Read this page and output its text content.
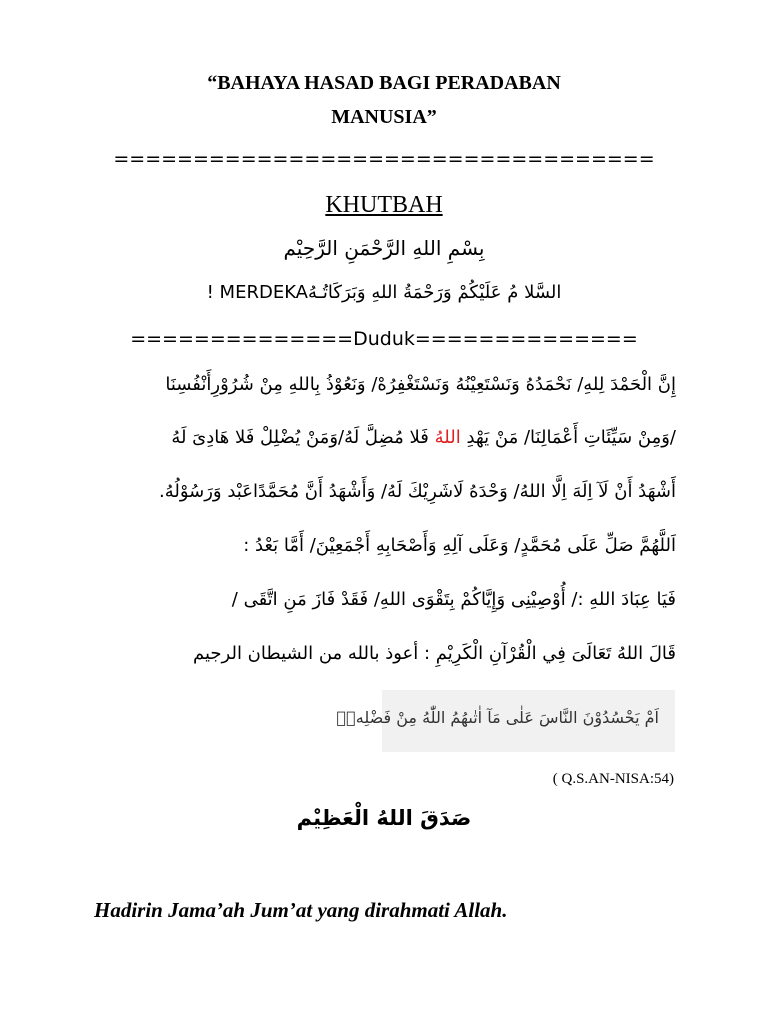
“BAHAYA HASAD BAGI PERADABAN
MANUSIA”
==================================
KHUTBAH
بِسْمِ اللهِ الرَّحْمَنِ الرَّحِيْم
السَّلا مُ عَلَيْكُمْ وَرَحْمَةُ اللهِ وَبَرَكَاتُـهُMERDEKA !
==============Duduk==============
إِنَّ الْحَمْدَ لِلهِ/ نَحْمَدُهُ وَنَسْتَعِيْنُهُ وَنَسْتَغْفِرُهْ/ وَنَعُوْذُ بِاللهِ مِنْ شُرُوْرِأَنْفُسِنَا
/وَمِنْ سَيِّئَاتِ أَعْمَالِنَا/ مَنْ يَهْدِ اللهُ فَلا مُضِلَّ لَهُ/وَمَنْ يُضْلِلْ فَلا هَادِىَ لَهُ
أَشْهَدُ أَنْ لَآ اِلَهَ اِلَّا اللهُ/ وَحْدَهُ لَاشَرِيْكَ لَهُ/ وَأَشْهَدُ أَنَّ مُحَمَّدًاعَبْد وَرَسُوْلُهُ.
اَللَّهُمَّ صَلِّ عَلَى مُحَمَّدٍ/ وَعَلَى آلِهِ وَأَصْحَابِهِ أَجْمَعِيْنَ/ أَمَّا بَعْدُ :
فَيَا عِبَادَ اللهِ :/ أُوْصِيْنِى وَإِيَّاكُمْ بِتَقْوَى اللهِ/ فَقَدْ فَازَ مَنِ اتَّقَى /
قَالَ اللهُ تَعَالَىَ فِي الْقُرْآنِ الْكَرِيْمِ : أعوذ بالله من الشيطان الرجيم
اَمْ يَحْسُدُوْنَ النَّاسَ عَلٰى مَآ اٰتٰىهُمُ اللّٰهُ مِنْ فَضْلِهٖۚ
( Q.S.AN-NISA:54)
صَدَقَ اللهُ الْعَظِيْم
Hadirin Jama’ah Jum’at yang dirahmati Allah.
